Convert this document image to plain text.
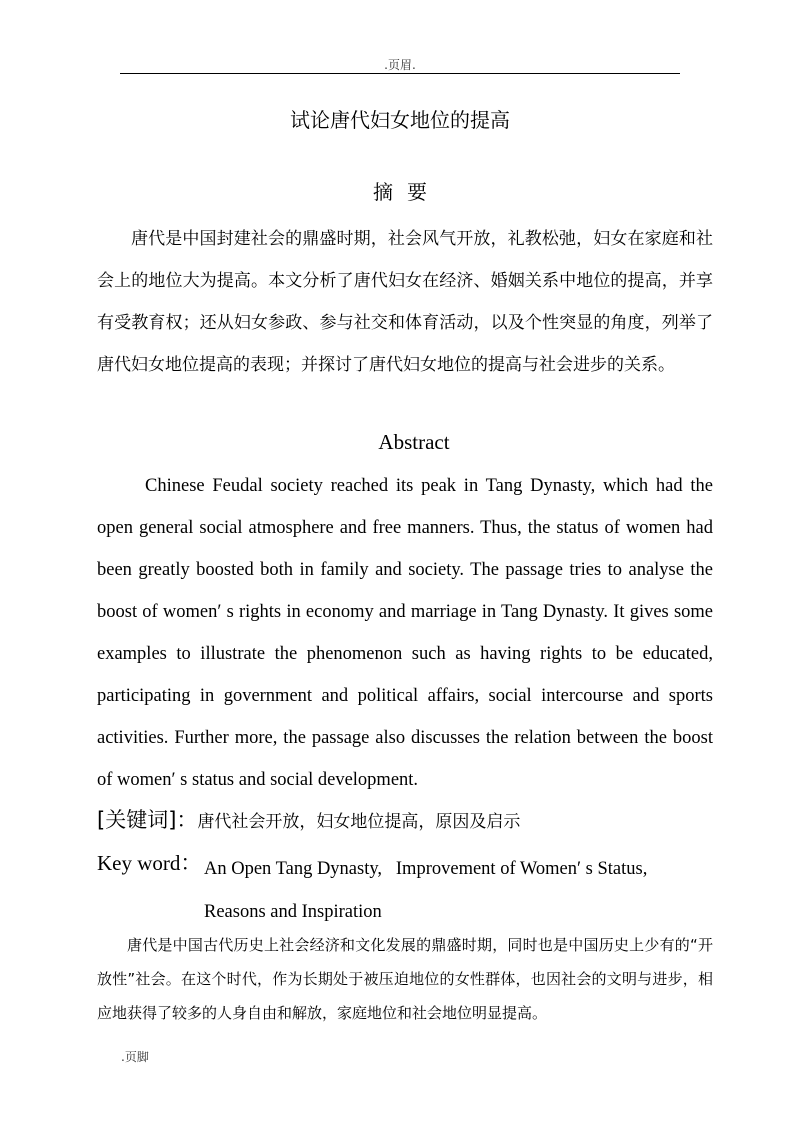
.页眉.
试论唐代妇女地位的提高
摘要
唐代是中国封建社会的鼎盛时期，社会风气开放，礼教松弛，妇女在家庭和社会上的地位大为提高。本文分析了唐代妇女在经济、婚姻关系中地位的提高，并享有受教育权；还从妇女参政、参与社交和体育活动，以及个性突显的角度，列举了唐代妇女地位提高的表现；并探讨了唐代妇女地位的提高与社会进步的关系。
Abstract
Chinese Feudal society reached its peak in Tang Dynasty, which had the open general social atmosphere and free manners. Thus, the status of women had been greatly boosted both in family and society. The passage tries to analyse the boost of women′ s rights in economy and marriage in Tang Dynasty. It gives some examples to illustrate the phenomenon such as having rights to be educated, participating in government and political affairs, social intercourse and sports activities. Further more, the passage also discusses the relation between the boost of women′ s status and social development.
[关键词]：唐代社会开放，妇女地位提高，原因及启示
Key word： An Open Tang Dynasty,   Improvement of Women′ s Status,
Reasons and Inspiration
唐代是中国古代历史上社会经济和文化发展的鼎盛时期，同时也是中国历史上少有的“开放性”社会。在这个时代，作为长期处于被压迫地位的女性群体，也因社会的文明与进步，相应地获得了较多的人身自由和解放，家庭地位和社会地位明显提高。
.页脚
